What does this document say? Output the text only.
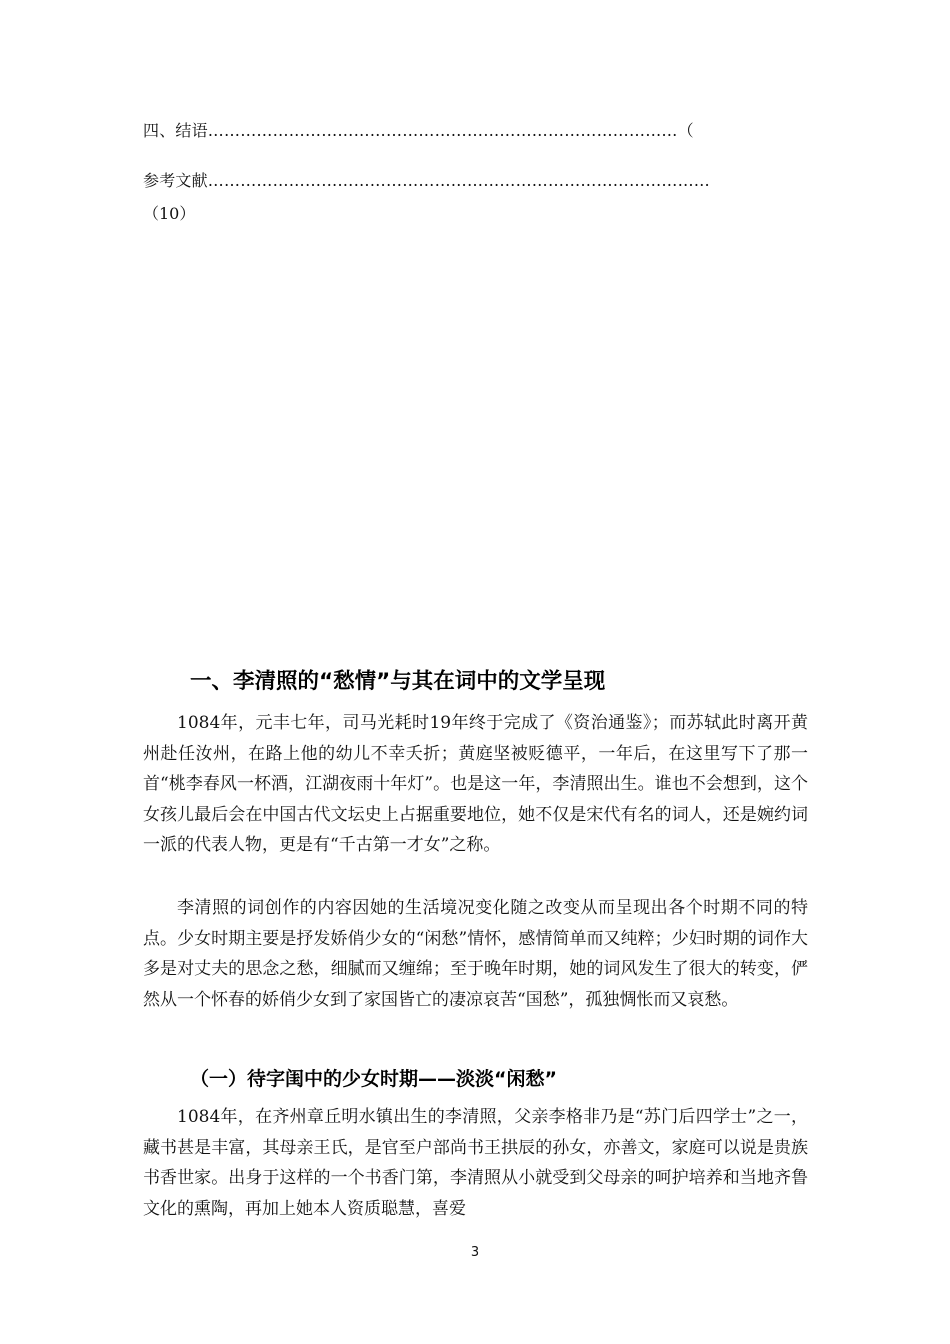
四、结语……………………………………………………………………………（
参考文献…………………………………………………………………………………
（10）
一、李清照的“愁情”与其在词中的文学呈现

1084年，元丰七年，司马光耗时19年终于完成了《资治通鉴》；而苏轼此时离开黄州赴任汝州，在路上他的幼儿不幸夭折；黄庭坚被贬德平，一年后，在这里写下了那一首“桃李春风一杯酒，江湖夜雨十年灯”。也是这一年，李清照出生。谁也不会想到，这个女孩儿最后会在中国古代文坛史上占据重要地位，她不仅是宋代有名的词人，还是婉约词一派的代表人物，更是有“千古第一才女”之称。

李清照的词创作的内容因她的生活境况变化随之改变从而呈现出各个时期不同的特点。少女时期主要是抒发娇俏少女的“闲愁”情怀，感情简单而又纯粹；少妇时期的词作大多是对丈夫的思念之愁，细腻而又缠绵；至于晚年时期，她的词风发生了很大的转变，俨然从一个怀春的娇俏少女到了家国皆亡的凄凉哀苦“国愁”，孤独惆怅而又哀愁。

（一）待字闺中的少女时期——淡淡“闲愁”

1084年，在齐州章丘明水镇出生的李清照，父亲李格非乃是“苏门后四学士”之一，藏书甚是丰富，其母亲王氏，是官至户部尚书王拱辰的孙女，亦善文，家庭可以说是贵族书香世家。出身于这样的一个书香门第，李清照从小就受到父母亲的呵护培养和当地齐鲁文化的熏陶，再加上她本人资质聪慧，喜爱

3
